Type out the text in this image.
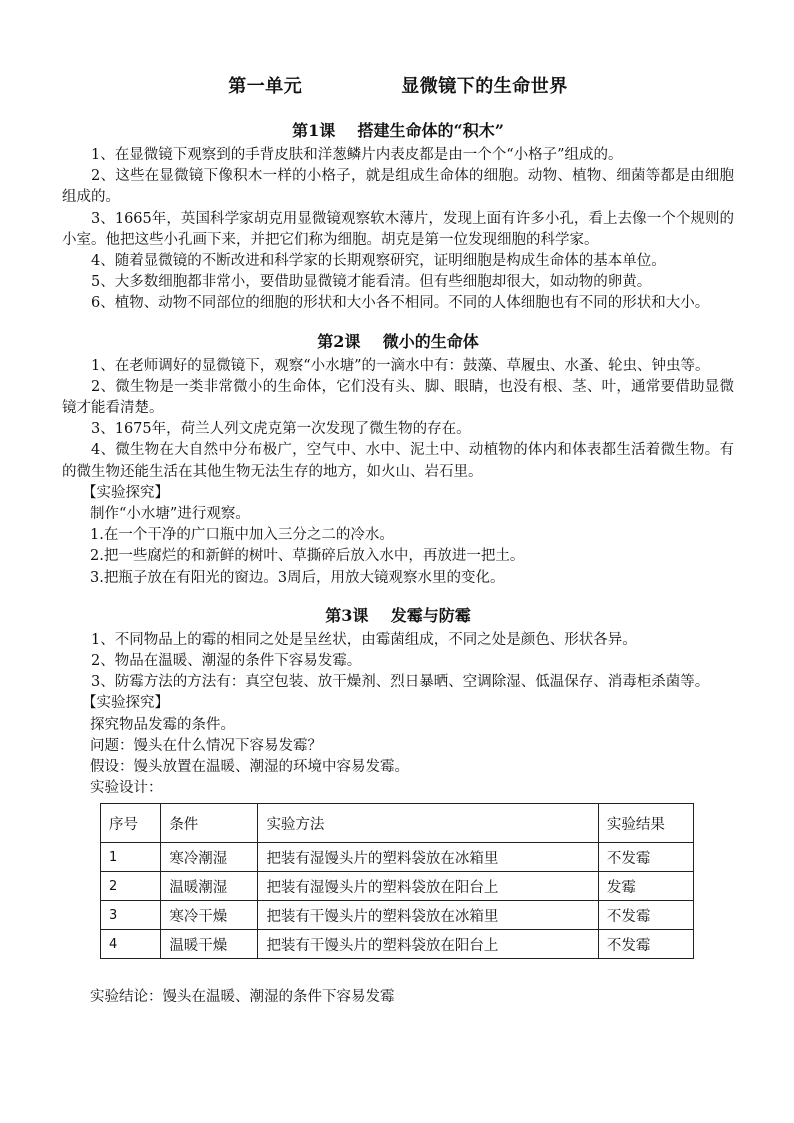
第一单元    显微镜下的生命世界
第1课    搭建生命体的“积木”

1、在显微镜下观察到的手背皮肤和洋葱鳞片内表皮都是由一个个“小格子”组成的。

2、这些在显微镜下像积木一样的小格子，就是组成生命体的细胞。动物、植物、细菌等都是由细胞组成的。

3、1665年，英国科学家胡克用显微镜观察软木薄片，发现上面有许多小孔，看上去像一个个规则的小室。他把这些小孔画下来，并把它们称为细胞。胡克是第一位发现细胞的科学家。

4、随着显微镜的不断改进和科学家的长期观察研究，证明细胞是构成生命体的基本单位。

5、大多数细胞都非常小，要借助显微镜才能看清。但有些细胞却很大，如动物的卵黄。

6、植物、动物不同部位的细胞的形状和大小各不相同。不同的人体细胞也有不同的形状和大小。

第2课    微小的生命体

1、在老师调好的显微镜下，观察“小水塘”的一滴水中有：鼓藻、草履虫、水蚤、轮虫、钟虫等。

2、微生物是一类非常微小的生命体，它们没有头、脚、眼睛，也没有根、茎、叶，通常要借助显微镜才能看清楚。

3、1675年，荷兰人列文虎克第一次发现了微生物的存在。

4、微生物在大自然中分布极广，空气中、水中、泥土中、动植物的体内和体表都生活着微生物。有的微生物还能生活在其他生物无法生存的地方，如火山、岩石里。

【实验探究】

制作“小水塘”进行观察。

1.在一个干净的广口瓶中加入三分之二的冷水。

2.把一些腐烂的和新鲜的树叶、草撕碎后放入水中，再放进一把土。

3.把瓶子放在有阳光的窗边。3周后，用放大镜观察水里的变化。

第3课    发霉与防霉

1、不同物品上的霉的相同之处是呈丝状，由霉菌组成，不同之处是颜色、形状各异。

2、物品在温暖、潮湿的条件下容易发霉。

3、防霉方法的方法有：真空包装、放干燥剂、烈日暴晒、空调除湿、低温保存、消毒柜杀菌等。

【实验探究】

探究物品发霉的条件。

问题：馒头在什么情况下容易发霉？

假设：馒头放置在温暖、潮湿的环境中容易发霉。

实验设计：

序号	条件	实验方法	实验结果
1	寒冷潮湿	把装有湿馒头片的塑料袋放在冰箱里	不发霉
2	温暖潮湿	把装有湿馒头片的塑料袋放在阳台上	发霉
3	寒冷干燥	把装有干馒头片的塑料袋放在冰箱里	不发霉
4	温暖干燥	把装有干馒头片的塑料袋放在阳台上	不发霉

实验结论：馒头在温暖、潮湿的条件下容易发霉
